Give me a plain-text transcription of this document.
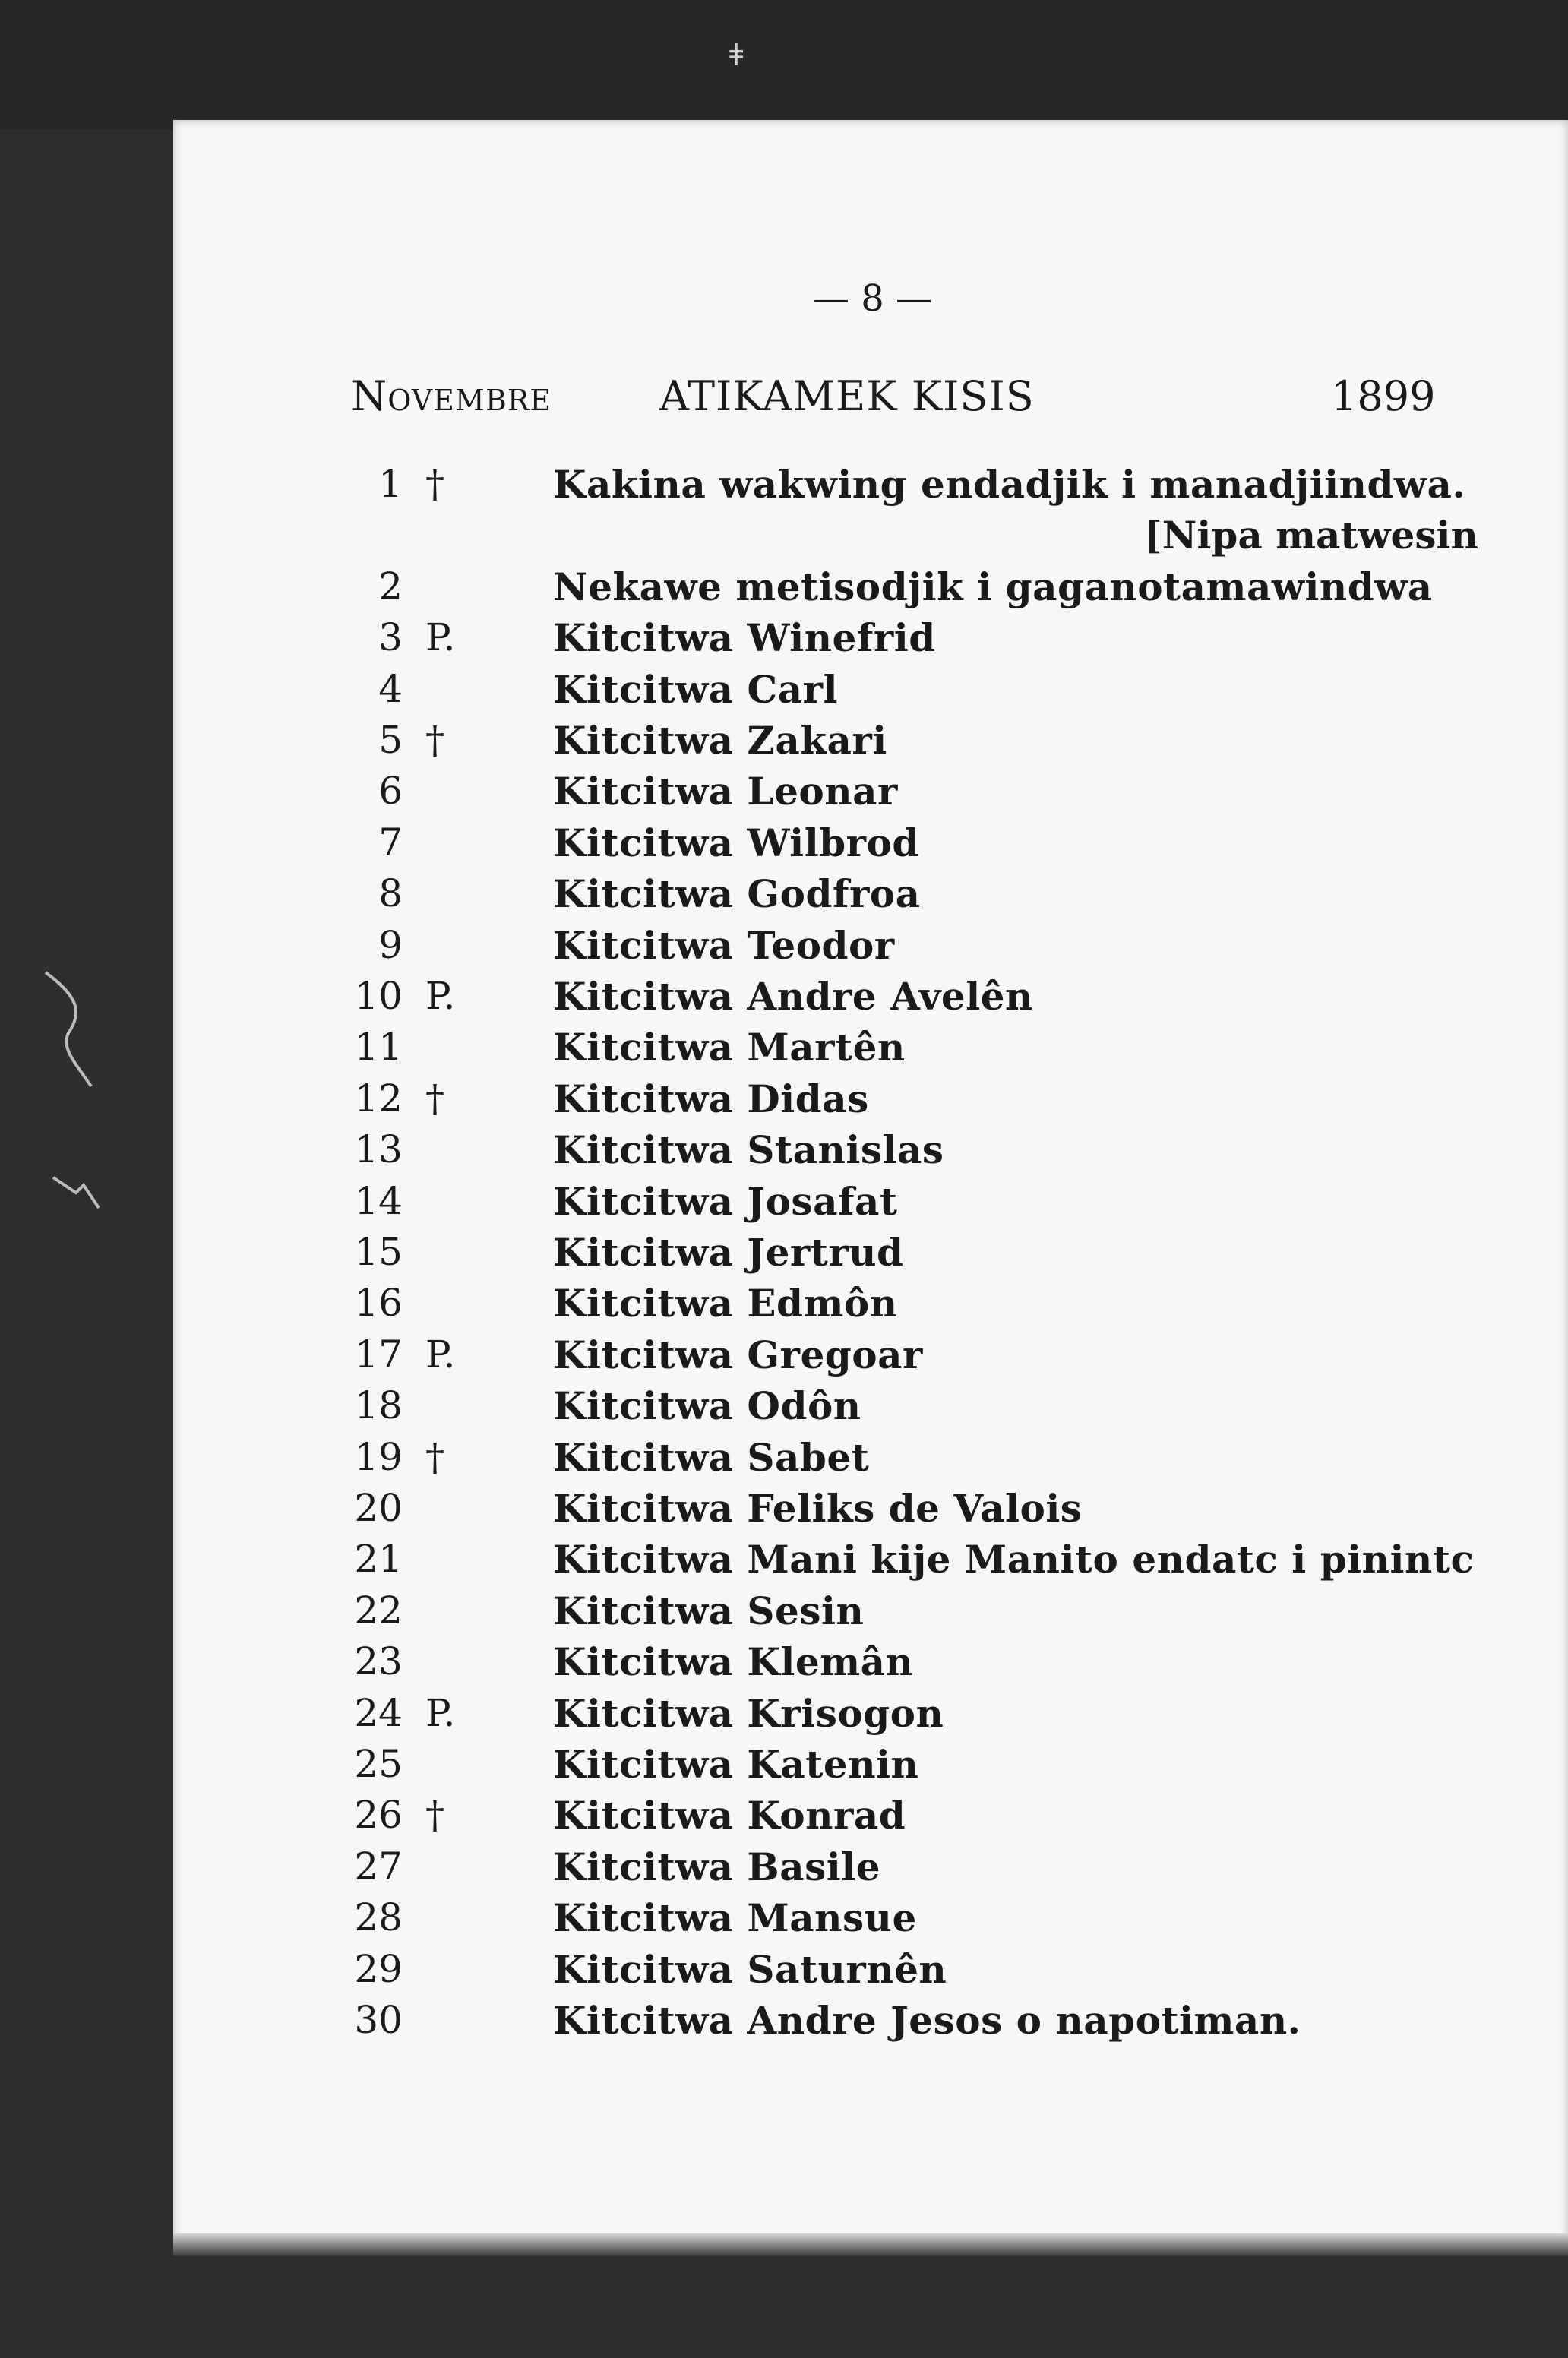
ǂ
— 8 —
Novembre	ATIKAMEK KISIS	1899
1 †	Kakina wakwing endadjik i manadjiindwa.
[Nipa matwesin
2	Nekawe metisodjik i gaganotamawindwa
3 P.	Kitcitwa Winefrid
4	Kitcitwa Carl
5 †	Kitcitwa Zakari
6	Kitcitwa Leonar
7	Kitcitwa Wilbrod
8	Kitcitwa Godfroa
9	Kitcitwa Teodor
10 P.	Kitcitwa Andre Avelên
11	Kitcitwa Martên
12 †	Kitcitwa Didas
13	Kitcitwa Stanislas
14	Kitcitwa Josafat
15	Kitcitwa Jertrud
16	Kitcitwa Edmôn
17 P.	Kitcitwa Gregoar
18	Kitcitwa Odôn
19 †	Kitcitwa Sabet
20	Kitcitwa Feliks de Valois
21	Kitcitwa Mani kije Manito endatc i pinintc
22	Kitcitwa Sesin
23	Kitcitwa Klemân
24 P.	Kitcitwa Krisogon
25	Kitcitwa Katenin
26 †	Kitcitwa Konrad
27	Kitcitwa Basile
28	Kitcitwa Mansue
29	Kitcitwa Saturnên
30	Kitcitwa Andre Jesos o napotiman.
